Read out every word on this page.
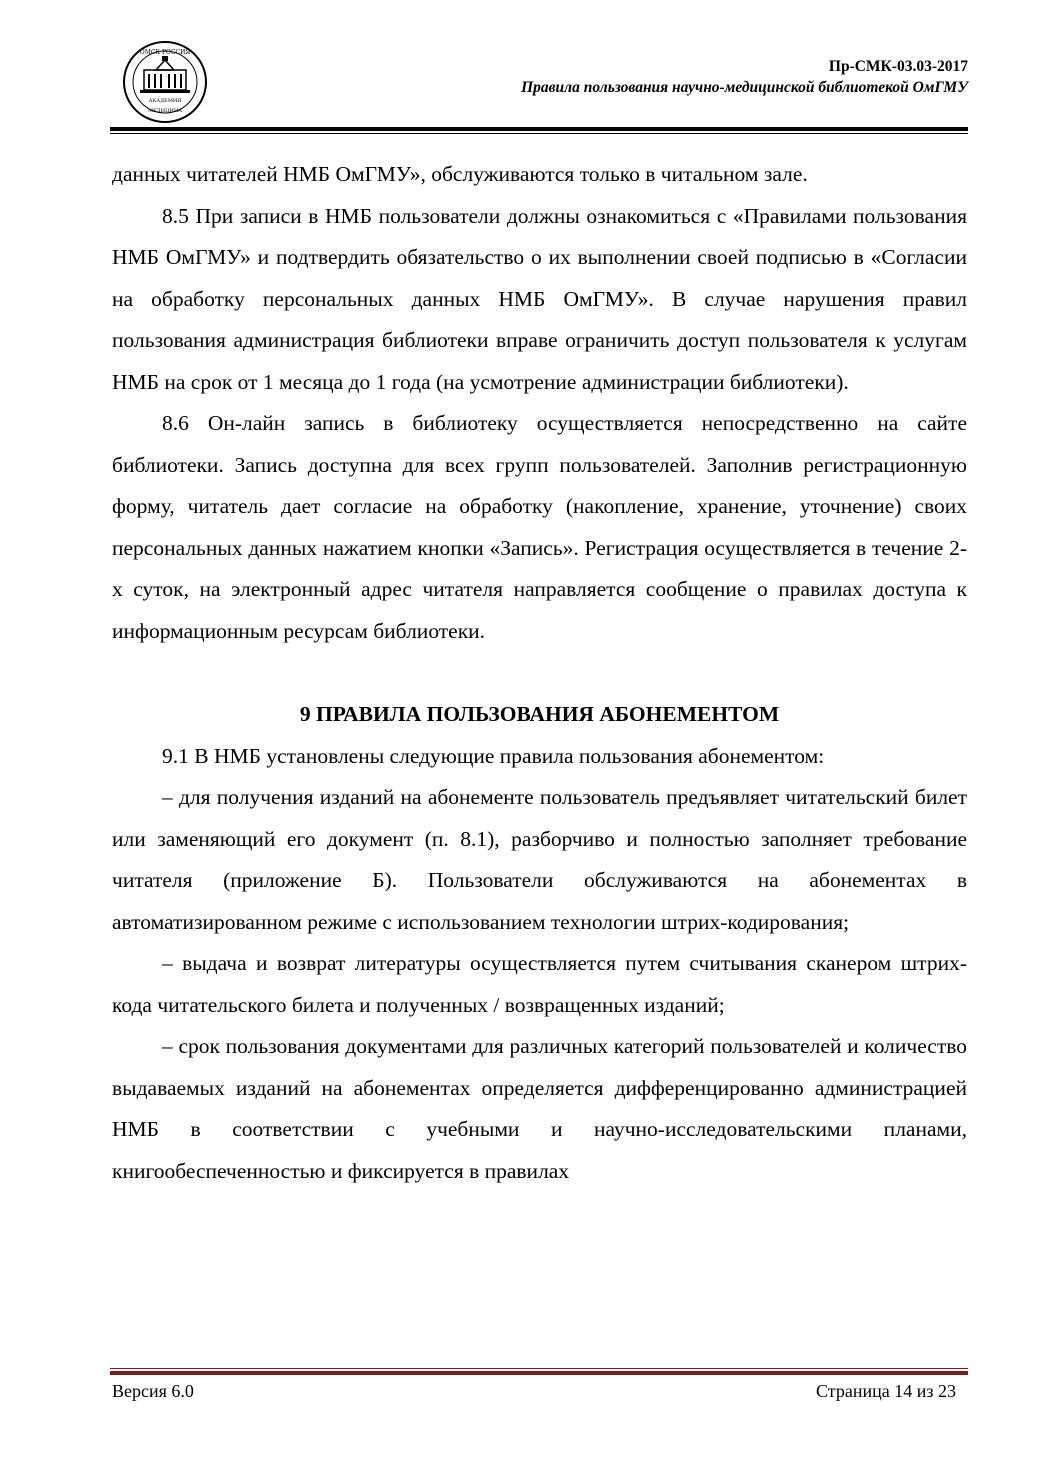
ОМСК РОССИЯ
АКАДЕМИЯ
МЕДИЦИНА
Пр-СМК-03.03-2017
Правила пользования научно-медицинской библиотекой ОмГМУ

данных читателей НМБ ОмГМУ», обслуживаются только в читальном зале.

8.5 При записи в НМБ пользователи должны ознакомиться с «Правилами пользования НМБ ОмГМУ» и подтвердить обязательство о их выполнении своей подписью в «Согласии на обработку персональных данных НМБ ОмГМУ». В случае нарушения правил пользования администрация библиотеки вправе ограничить доступ пользователя к услугам НМБ на срок от 1 месяца до 1 года (на усмотрение администрации библиотеки).

8.6 Он-лайн запись в библиотеку осуществляется непосредственно на сайте библиотеки. Запись доступна для всех групп пользователей. Заполнив регистрационную форму, читатель дает согласие на обработку (накопление, хранение, уточнение) своих персональных данных нажатием кнопки «Запись». Регистрация осуществляется в течение 2-х суток, на электронный адрес читателя направляется сообщение о правилах доступа к информационным ресурсам библиотеки.

9 ПРАВИЛА ПОЛЬЗОВАНИЯ АБОНЕМЕНТОМ

9.1 В НМБ установлены следующие правила пользования абонементом:

– для получения изданий на абонементе пользователь предъявляет читательский билет или заменяющий его документ (п. 8.1), разборчиво и полностью заполняет требование читателя (приложение Б). Пользователи обслуживаются на абонементах в автоматизированном режиме с использованием технологии штрих-кодирования;

– выдача и возврат литературы осуществляется путем считывания сканером штрих-кода читательского билета и полученных / возвращенных изданий;

– срок пользования документами для различных категорий пользователей и количество выдаваемых изданий на абонементах определяется дифференцированно администрацией НМБ в соответствии с учебными и научно-исследовательскими планами, книгообеспеченностью и фиксируется в правилах

Версия 6.0	Страница 14 из 23
